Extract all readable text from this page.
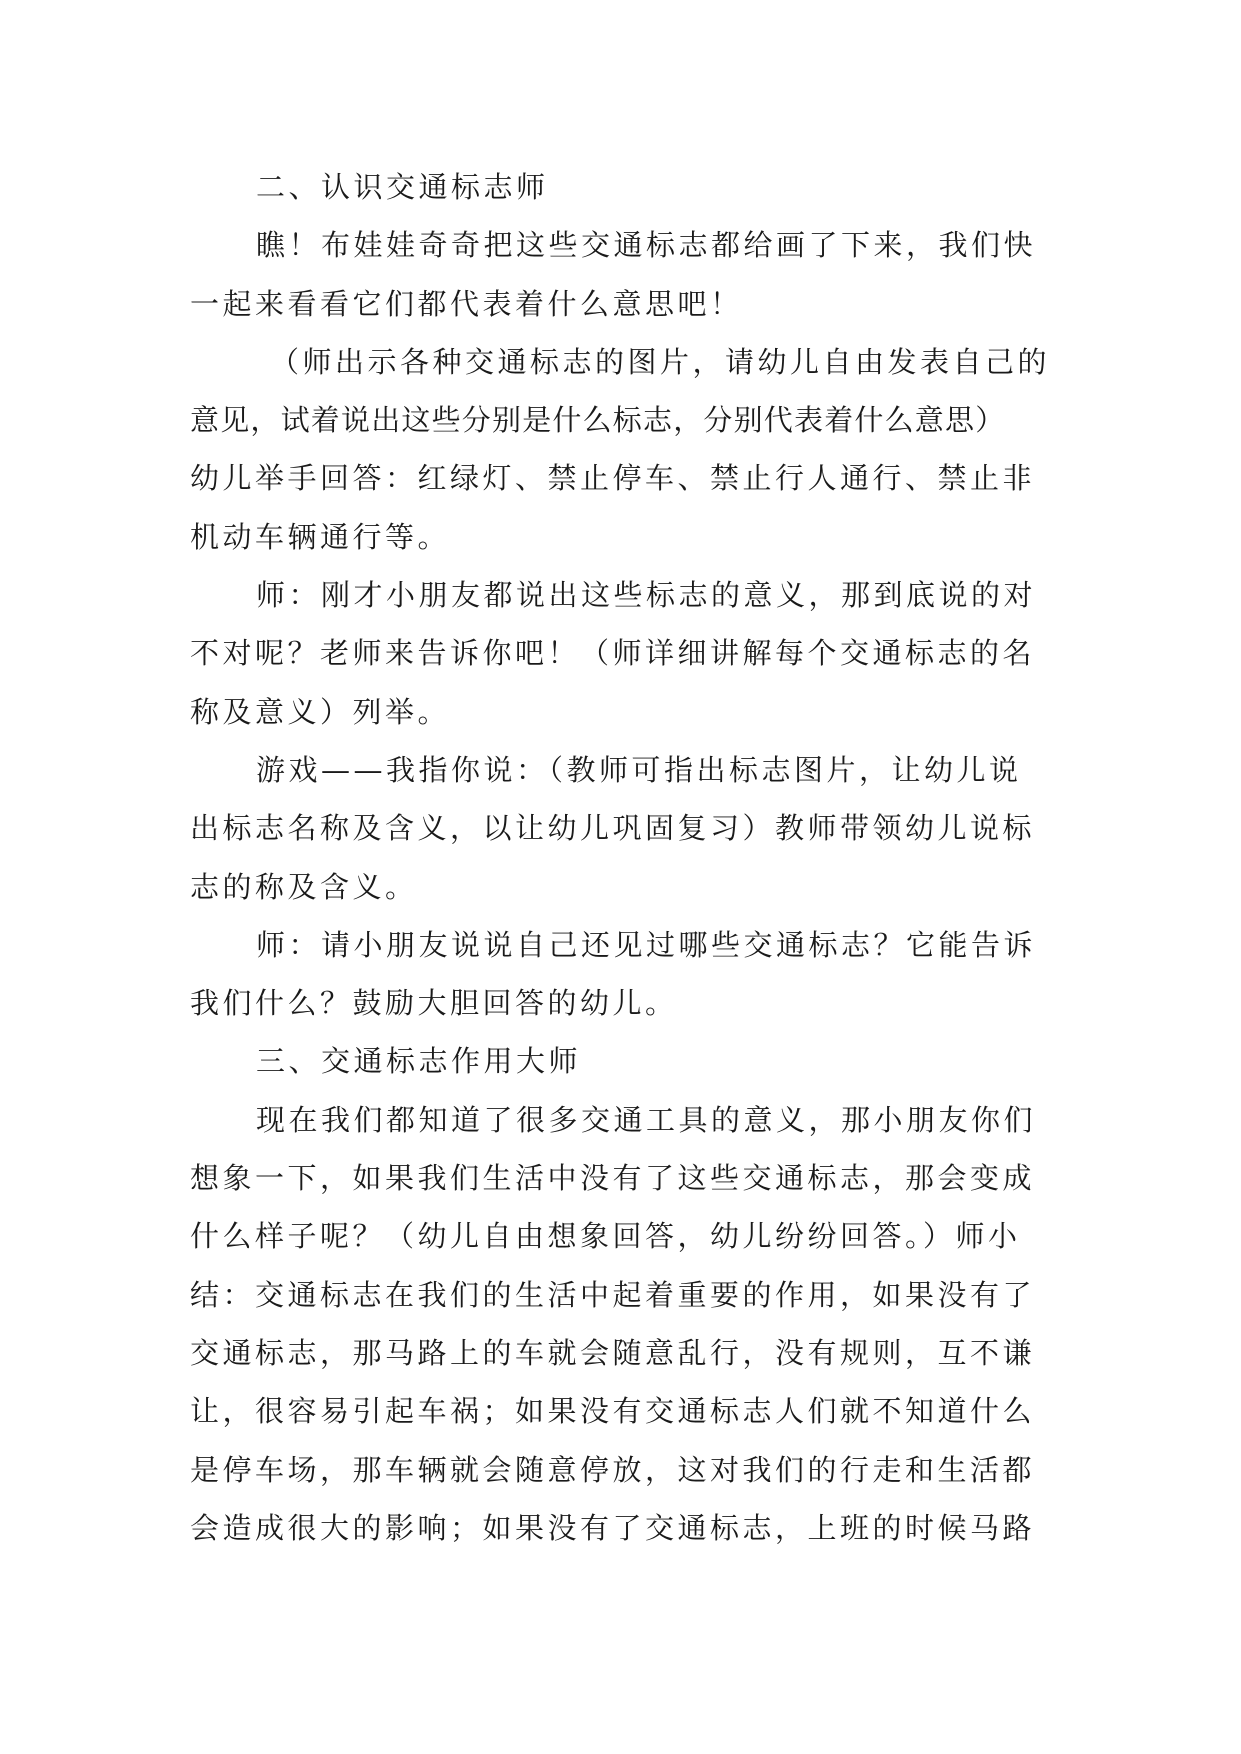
二、认识交通标志师
瞧！布娃娃奇奇把这些交通标志都给画了下来，我们快
一起来看看它们都代表着什么意思吧！
（师出示各种交通标志的图片，请幼儿自由发表自己的
意见，试着说出这些分别是什么标志，分别代表着什么意思）
幼儿举手回答：红绿灯、禁止停车、禁止行人通行、禁止非
机动车辆通行等。
师：刚才小朋友都说出这些标志的意义，那到底说的对
不对呢？老师来告诉你吧！（师详细讲解每个交通标志的名
称及意义）列举。
游戏——我指你说：（教师可指出标志图片，让幼儿说
出标志名称及含义，以让幼儿巩固复习）教师带领幼儿说标
志的称及含义。
师：请小朋友说说自己还见过哪些交通标志？它能告诉
我们什么？鼓励大胆回答的幼儿。
三、交通标志作用大师
现在我们都知道了很多交通工具的意义，那小朋友你们
想象一下，如果我们生活中没有了这些交通标志，那会变成
什么样子呢？（幼儿自由想象回答，幼儿纷纷回答。）师小
结：交通标志在我们的生活中起着重要的作用，如果没有了
交通标志，那马路上的车就会随意乱行，没有规则，互不谦
让，很容易引起车祸；如果没有交通标志人们就不知道什么
是停车场，那车辆就会随意停放，这对我们的行走和生活都
会造成很大的影响；如果没有了交通标志，上班的时候马路
